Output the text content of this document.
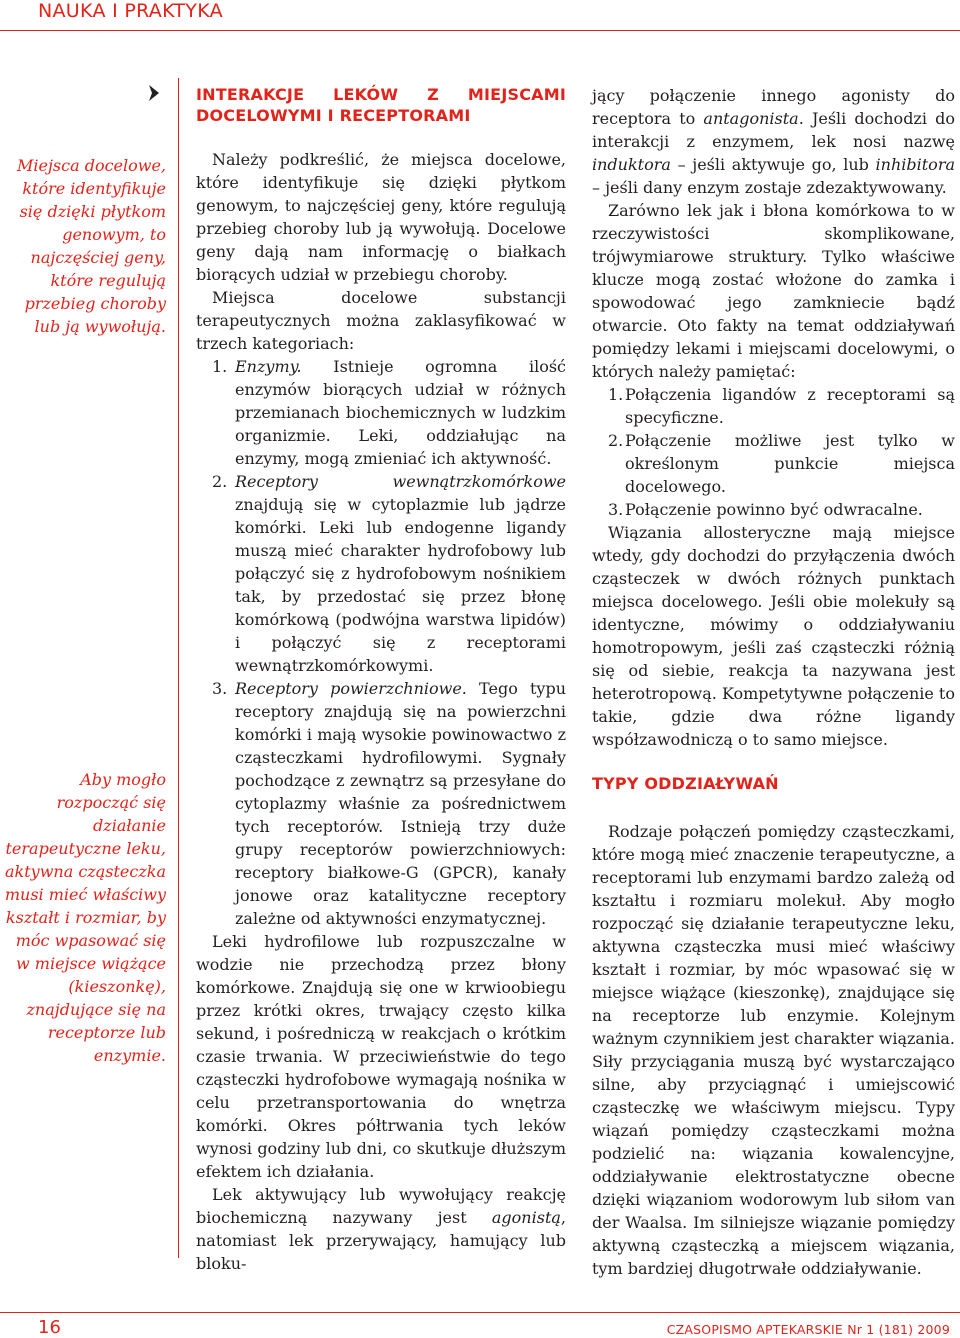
NAUKA I PRAKTYKA
Miejsca docelowe, które identyfikuje się dzięki płytkom genowym, to najczęściej geny, które regulują przebieg choroby lub ją wywołują.
Aby mogło rozpocząć się działanie terapeutyczne leku, aktywna cząsteczka musi mieć właściwy kształt i rozmiar, by móc wpasować się w miejsce wiążące (kieszonkę), znajdujące się na receptorze lub enzymie.
INTERAKCJE LEKÓW Z MIEJSCAMI DOCELOWYMI I RECEPTORAMI

Należy podkreślić, że miejsca docelowe, które identyfikuje się dzięki płytkom genowym, to najczęściej geny, które regulują przebieg choroby lub ją wywołują. Docelowe geny dają nam informację o białkach biorących udział w przebiegu choroby.

Miejsca docelowe substancji terapeutycznych można zaklasyfikować w trzech kategoriach:

1. Enzymy. Istnieje ogromna ilość enzymów biorących udział w różnych przemianach biochemicznych w ludzkim organizmie. Leki, oddziałując na enzymy, mogą zmieniać ich aktywność.
2. Receptory wewnątrzkomórkowe znajdują się w cytoplazmie lub jądrze komórki. Leki lub endogenne ligandy muszą mieć charakter hydrofobowy lub połączyć się z hydrofobowym nośnikiem tak, by przedostać się przez błonę komórkową (podwójna warstwa lipidów) i połączyć się z receptorami wewnątrzkomórkowymi.
3. Receptory powierzchniowe. Tego typu receptory znajdują się na powierzchni komórki i mają wysokie powinowactwo z cząsteczkami hydrofilowymi. Sygnały pochodzące z zewnątrz są przesyłane do cytoplazmy właśnie za pośrednictwem tych receptorów. Istnieją trzy duże grupy receptorów powierzchniowych: receptory białkowe-G (GPCR), kanały jonowe oraz katalityczne receptory zależne od aktywności enzymatycznej.

Leki hydrofilowe lub rozpuszczalne w wodzie nie przechodzą przez błony komórkowe. Znajdują się one w krwioobiegu przez krótki okres, trwający często kilka sekund, i pośredniczą w reakcjach o krótkim czasie trwania. W przeciwieństwie do tego cząsteczki hydrofobowe wymagają nośnika w celu przetransportowania do wnętrza komórki. Okres półtrwania tych leków wynosi godziny lub dni, co skutkuje dłuższym efektem ich działania.

Lek aktywujący lub wywołujący reakcję biochemiczną nazywany jest agonistą, natomiast lek przerywający, hamujący lub bloku-

jący połączenie innego agonisty do receptora to antagonista. Jeśli dochodzi do interakcji z enzymem, lek nosi nazwę induktora – jeśli aktywuje go, lub inhibitora – jeśli dany enzym zostaje zdezaktywowany.

Zarówno lek jak i błona komórkowa to w rzeczywistości skomplikowane, trójwymiarowe struktury. Tylko właściwe klucze mogą zostać włożone do zamka i spowodować jego zamkniecie bądź otwarcie. Oto fakty na temat oddziaływań pomiędzy lekami i miejscami docelowymi, o których należy pamiętać:

1. Połączenia ligandów z receptorami są specyficzne.
2. Połączenie możliwe jest tylko w określonym punkcie miejsca docelowego.
3. Połączenie powinno być odwracalne.

Wiązania allosteryczne mają miejsce wtedy, gdy dochodzi do przyłączenia dwóch cząsteczek w dwóch różnych punktach miejsca docelowego. Jeśli obie molekuły są identyczne, mówimy o oddziaływaniu homotropowym, jeśli zaś cząsteczki różnią się od siebie, reakcja ta nazywana jest heterotropową. Kompetytywne połączenie to takie, gdzie dwa różne ligandy współzawodniczą o to samo miejsce.

TYPY ODDZIAŁYWAŃ

Rodzaje połączeń pomiędzy cząsteczkami, które mogą mieć znaczenie terapeutyczne, a receptorami lub enzymami bardzo zależą od kształtu i rozmiaru molekuł. Aby mogło rozpocząć się działanie terapeutyczne leku, aktywna cząsteczka musi mieć właściwy kształt i rozmiar, by móc wpasować się w miejsce wiążące (kieszonkę), znajdujące się na receptorze lub enzymie. Kolejnym ważnym czynnikiem jest charakter wiązania. Siły przyciągania muszą być wystarczająco silne, aby przyciągnąć i umiejscowić cząsteczkę we właściwym miejscu. Typy wiązań pomiędzy cząsteczkami można podzielić na: wiązania kowalencyjne, oddziaływanie elektrostatyczne obecne dzięki wiązaniom wodorowym lub siłom van der Waalsa. Im silniejsze wiązanie pomiędzy aktywną cząsteczką a miejscem wiązania, tym bardziej długotrwałe oddziaływanie.

16	CZASOPISMO APTEKARSKIE Nr 1 (181) 2009
